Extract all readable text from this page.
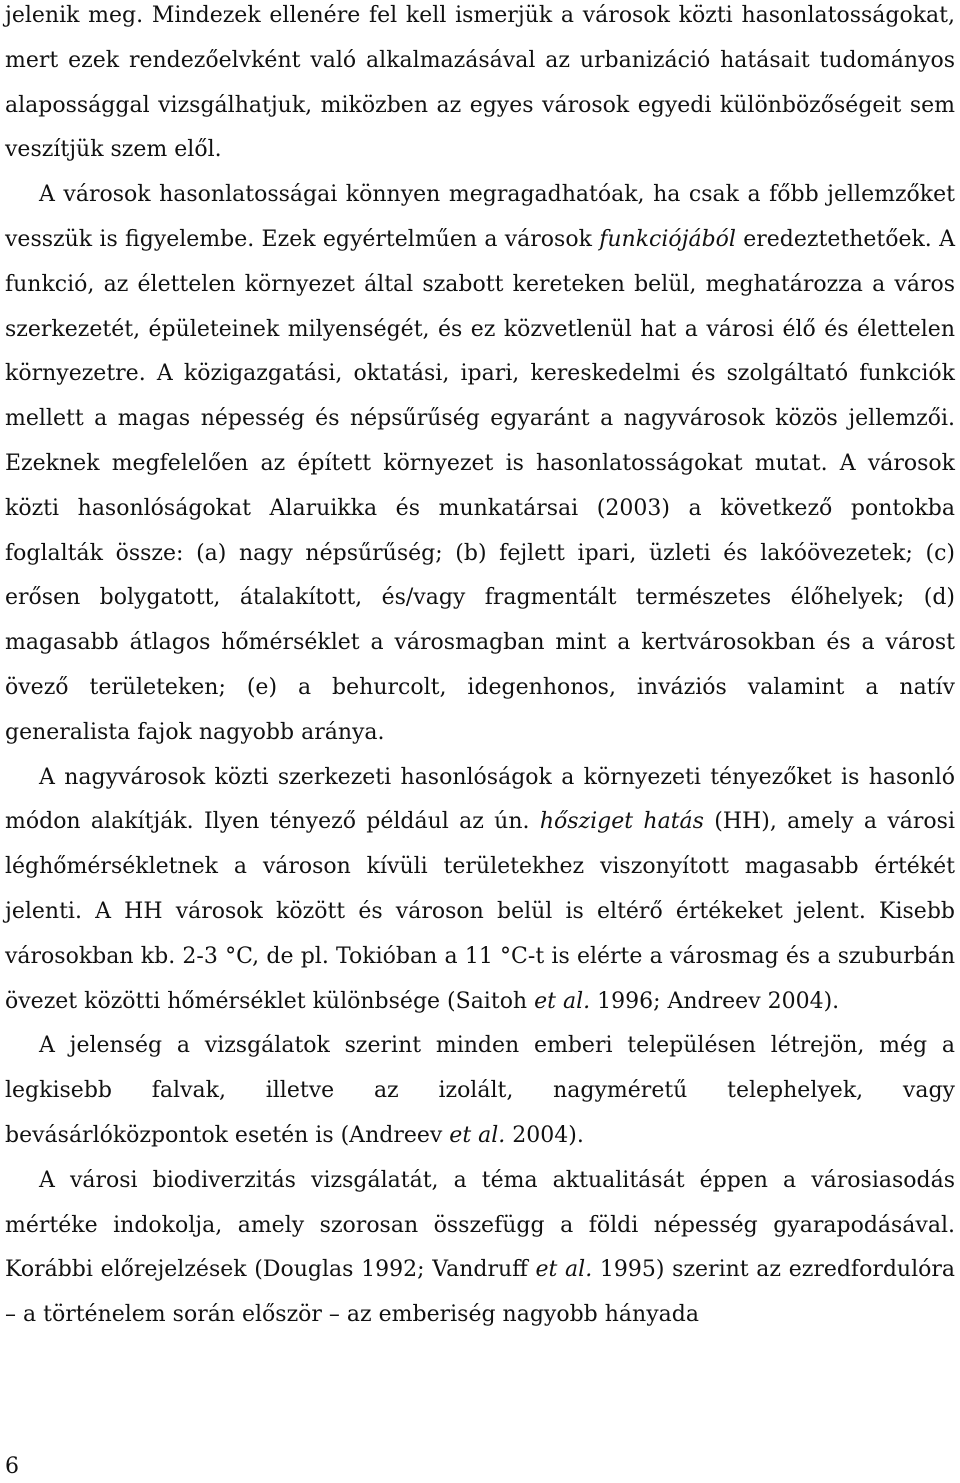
jelenik meg. Mindezek ellenére fel kell ismerjük a városok közti hasonlatosságokat, mert ezek rendezőelvként való alkalmazásával az urbanizáció hatásait tudományos alapossággal vizsgálhatjuk, miközben az egyes városok egyedi különbözőségeit sem veszítjük szem elől.

A városok hasonlatosságai könnyen megragadhatóak, ha csak a főbb jellemzőket vesszük is figyelembe. Ezek egyértelműen a városok funkciójából eredeztethetőek. A funkció, az élettelen környezet által szabott kereteken belül, meghatározza a város szerkezetét, épületeinek milyenségét, és ez közvetlenül hat a városi élő és élettelen környezetre. A közigazgatási, oktatási, ipari, kereskedelmi és szolgáltató funkciók mellett a magas népesség és népsűrűség egyaránt a nagyvárosok közös jellemzői. Ezeknek megfelelően az épített környezet is hasonlatosságokat mutat. A városok közti hasonlóságokat Alaruikka és munkatársai (2003) a következő pontokba foglalták össze: (a) nagy népsűrűség; (b) fejlett ipari, üzleti és lakóövezetek; (c) erősen bolygatott, átalakított, és/vagy fragmentált természetes élőhelyek; (d) magasabb átlagos hőmérséklet a városmagban mint a kertvárosokban és a várost övező területeken; (e) a behurcolt, idegenhonos, inváziós valamint a natív generalista fajok nagyobb aránya.

A nagyvárosok közti szerkezeti hasonlóságok a környezeti tényezőket is hasonló módon alakítják. Ilyen tényező például az ún. hősziget hatás (HH), amely a városi léghőmérsékletnek a városon kívüli területekhez viszonyított magasabb értékét jelenti. A HH városok között és városon belül is eltérő értékeket jelent. Kisebb városokban kb. 2-3 °C, de pl. Tokióban a 11 °C-t is elérte a városmag és a szuburbán övezet közötti hőmérséklet különbsége (Saitoh et al. 1996; Andreev 2004).

A jelenség a vizsgálatok szerint minden emberi településen létrejön, még a legkisebb falvak, illetve az izolált, nagyméretű telephelyek, vagy bevásárlóközpontok esetén is (Andreev et al. 2004).

A városi biodiverzitás vizsgálatát, a téma aktualitását éppen a városiasodás mértéke indokolja, amely szorosan összefügg a földi népesség gyarapodásával. Korábbi előrejelzések (Douglas 1992; Vandruff et al. 1995) szerint az ezredfordulóra – a történelem során először – az emberiség nagyobb hányada

6
